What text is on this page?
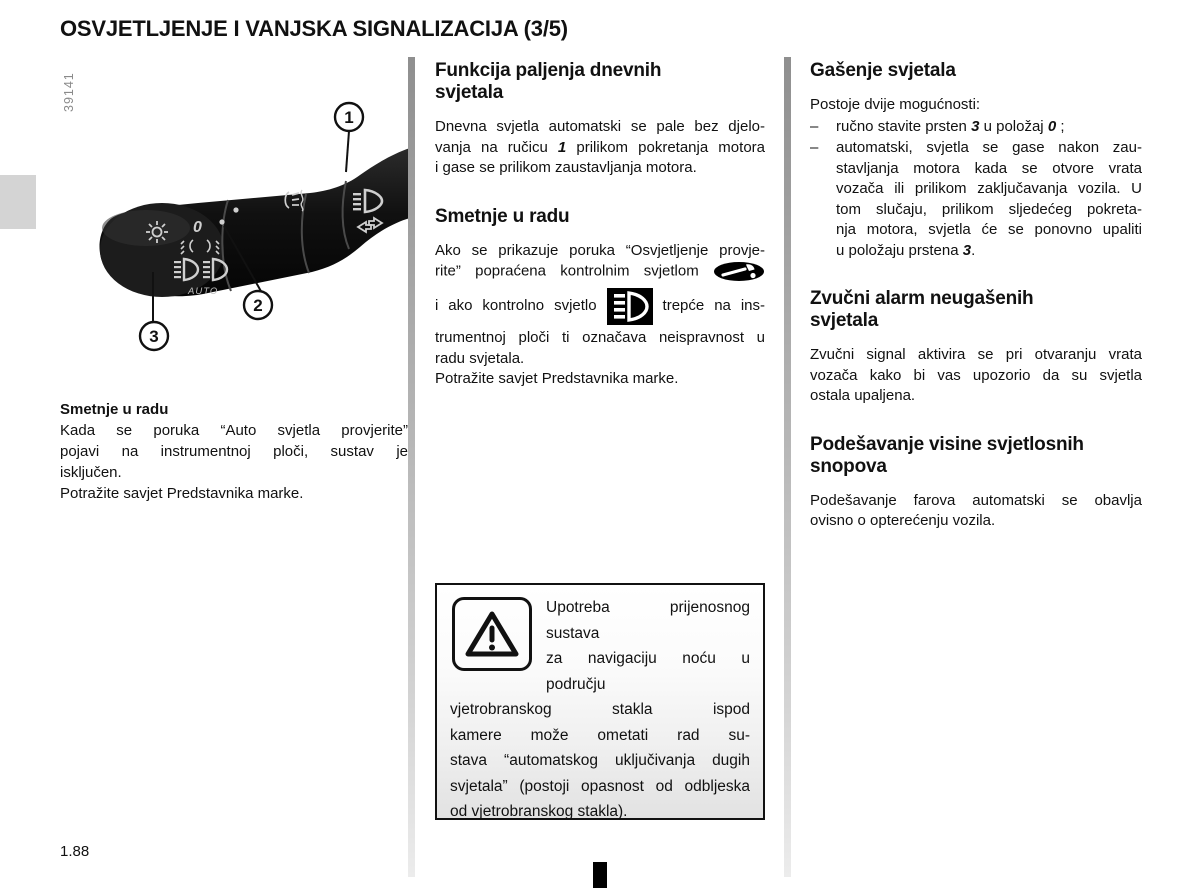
OSVJETLJENJE I VANJSKA SIGNALIZACIJA (3/5)
39141
0
AUTO
1
2
3
Smetnje u radu
Kada se poruka “Auto svjetla provjerite”
pojavi na instrumentnoj ploči, sustav je
isključen.
Potražite savjet Predstavnika marke.
Funkcija paljenja dnevnih
svjetala
Dnevna svjetla automatski se pale bez djelo-
vanja na ručicu 1 prilikom pokretanja motora
i gase se prilikom zaustavljanja motora.
Smetnje u radu
Ako se prikazuje poruka “Osvjetljenje provje-
rite” popraćena kontrolnim svjetlom
i ako kontrolno svjetlo	trepće na ins-
trumentnoj ploči ti označava neispravnost u
radu svjetala.
Potražite savjet Predstavnika marke.
Upotreba prijenosnog sustava
za navigaciju noću u području
vjetrobranskog stakla ispod
kamere može ometati rad su-
stava “automatskog uključivanja dugih
svjetala” (postoji opasnost od odbljeska
od vjetrobranskog stakla).
Gašenje svjetala
Postoje dvije mogućnosti:
–	ručno stavite prsten 3 u položaj 0 ;
–	automatski, svjetla se gase nakon zau-
stavljanja motora kada se otvore vrata
vozača ili prilikom zaključavanja vozila. U
tom slučaju, prilikom sljedećeg pokreta-
nja motora, svjetla će se ponovno upaliti
u položaju prstena 3.
Zvučni alarm neugašenih
svjetala
Zvučni signal aktivira se pri otvaranju vrata
vozača kako bi vas upozorio da su svjetla
ostala upaljena.
Podešavanje visine svjetlosnih
snopova
Podešavanje farova automatski se obavlja
ovisno o opterećenju vozila.
1.88
